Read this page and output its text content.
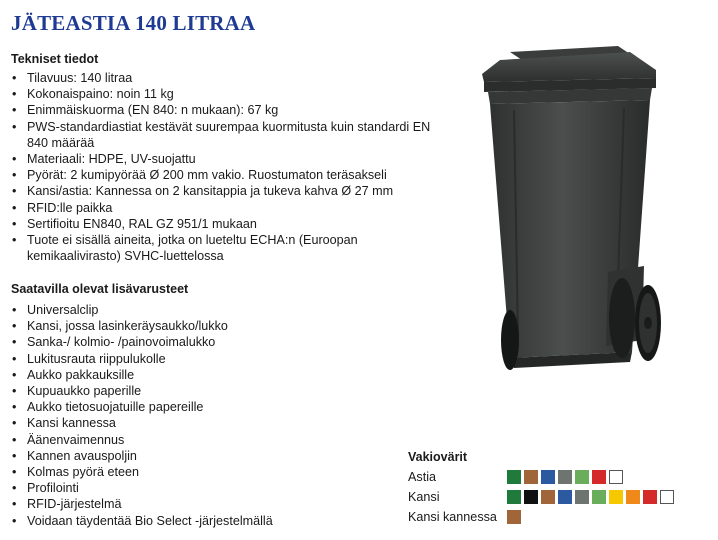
JÄTEASTIA 140 LITRAA
Tekniset tiedot
• Tilavuus: 140 litraa
• Kokonaispaino: noin 11 kg
• Enimmäiskuorma (EN 840: n mukaan): 67 kg
• PWS-standardiastiat kestävät suurempaa kuormitusta kuin standardi EN 840 määrää
• Materiaali: HDPE, UV-suojattu
• Pyörät: 2 kumipyörää Ø 200 mm vakio. Ruostumaton teräsakseli
• Kansi/astia: Kannessa on 2 kansitappia ja tukeva kahva Ø 27 mm
• RFID:lle paikka
• Sertifioitu EN840, RAL GZ 951/1 mukaan
• Tuote ei sisällä aineita, jotka on lueteltu ECHA:n (Euroopan kemikaalivirasto) SVHC-luettelossa
Saatavilla olevat lisävarusteet
• Universalclip
• Kansi, jossa lasinkeräysaukko/lukko
• Sanka-/ kolmio- /painovoimalukko
• Lukitusrauta riippulukolle
• Aukko pakkauksille
• Kupuaukko paperille
• Aukko tietosuojatuille papereille
• Kansi kannessa
• Äänenvaimennus
• Kannen avauspoljin
• Kolmas pyörä eteen
• Profilointi
• RFID-järjestelmä
• Voidaan täydentää Bio Select -järjestelmällä
Vakiovärit
Astia
Kansi
Kansi kannessa
